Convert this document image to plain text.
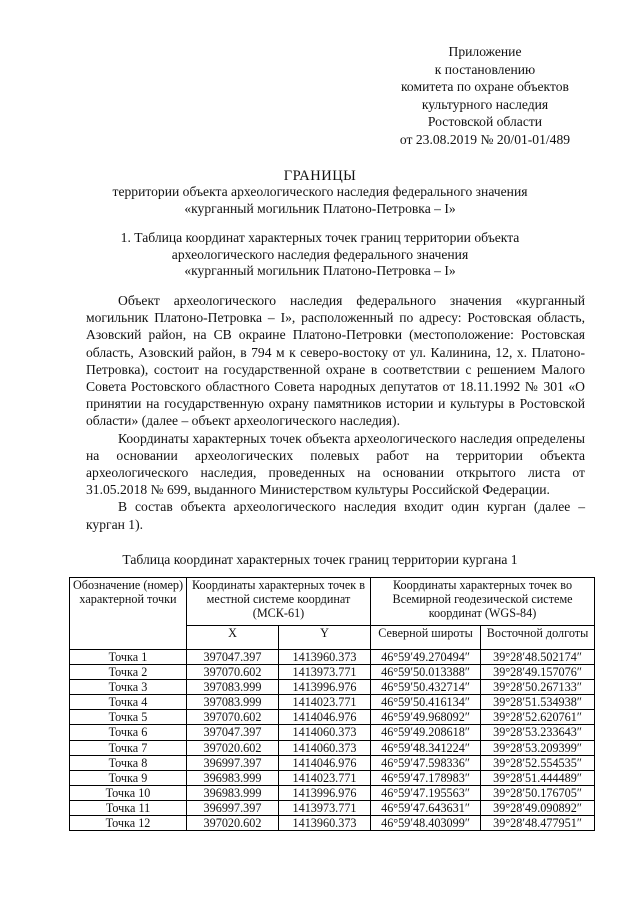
Приложение
к постановлению
комитета по охране объектов
культурного наследия
Ростовской области
от 23.08.2019 № 20/01-01/489
ГРАНИЦЫ
территории объекта археологического наследия федерального значения
«курганный могильник Платоно-Петровка – I»
1. Таблица координат характерных точек границ территории объекта
археологического наследия федерального значения
«курганный могильник Платоно-Петровка – I»

Объект археологического наследия федерального значения «курганный могильник Платоно-Петровка – I», расположенный по адресу: Ростовская область, Азовский район, на СВ окраине Платоно-Петровки (местоположение: Ростовская область, Азовский район, в 794 м к северо-востоку от ул. Калинина, 12, х. Платоно-Петровка), состоит на государственной охране в соответствии с решением Малого Совета Ростовского областного Совета народных депутатов от 18.11.1992 № 301 «О принятии на государственную охрану памятников истории и культуры в Ростовской области» (далее – объект археологического наследия).

Координаты характерных точек объекта археологического наследия определены на основании археологических полевых работ на территории объекта археологического наследия, проведенных на основании открытого листа от 31.05.2018 № 699, выданного Министерством культуры Российской Федерации.

В состав объекта археологического наследия входит один курган (далее – курган 1).

Таблица координат характерных точек границ территории кургана 1
Обозначение (номер) характерной точки	Координаты характерных точек в местной системе координат (МСК-61)		Координаты характерных точек во Всемирной геодезической системе координат (WGS-84)	
	X	Y	Северной широты	Восточной долготы
Точка 1	397047.397	1413960.373	46°59′49.270494″	39°28′48.502174″
Точка 2	397070.602	1413973.771	46°59′50.013388″	39°28′49.157076″
Точка 3	397083.999	1413996.976	46°59′50.432714″	39°28′50.267133″
Точка 4	397083.999	1414023.771	46°59′50.416134″	39°28′51.534938″
Точка 5	397070.602	1414046.976	46°59′49.968092″	39°28′52.620761″
Точка 6	397047.397	1414060.373	46°59′49.208618″	39°28′53.233643″
Точка 7	397020.602	1414060.373	46°59′48.341224″	39°28′53.209399″
Точка 8	396997.397	1414046.976	46°59′47.598336″	39°28′52.554535″
Точка 9	396983.999	1414023.771	46°59′47.178983″	39°28′51.444489″
Точка 10	396983.999	1413996.976	46°59′47.195563″	39°28′50.176705″
Точка 11	396997.397	1413973.771	46°59′47.643631″	39°28′49.090892″
Точка 12	397020.602	1413960.373	46°59′48.403099″	39°28′48.477951″
